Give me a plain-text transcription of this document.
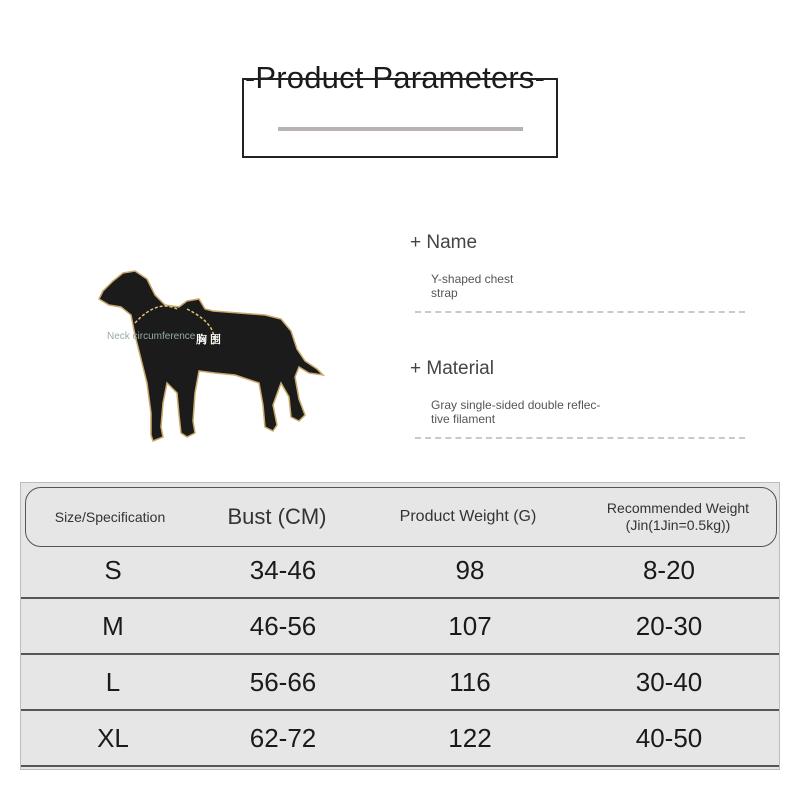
-Product Parameters-
Neck circumference 胸 围
+ Name
Y-shaped chest
strap
+ Material
Gray single-sided double reflec-
tive filament
Size/Specification	Bust (CM)	Product Weight (G)	Recommended Weight (Jin(1Jin=0.5kg))
S	34-46	98	8-20
M	46-56	107	20-30
L	56-66	116	30-40
XL	62-72	122	40-50
